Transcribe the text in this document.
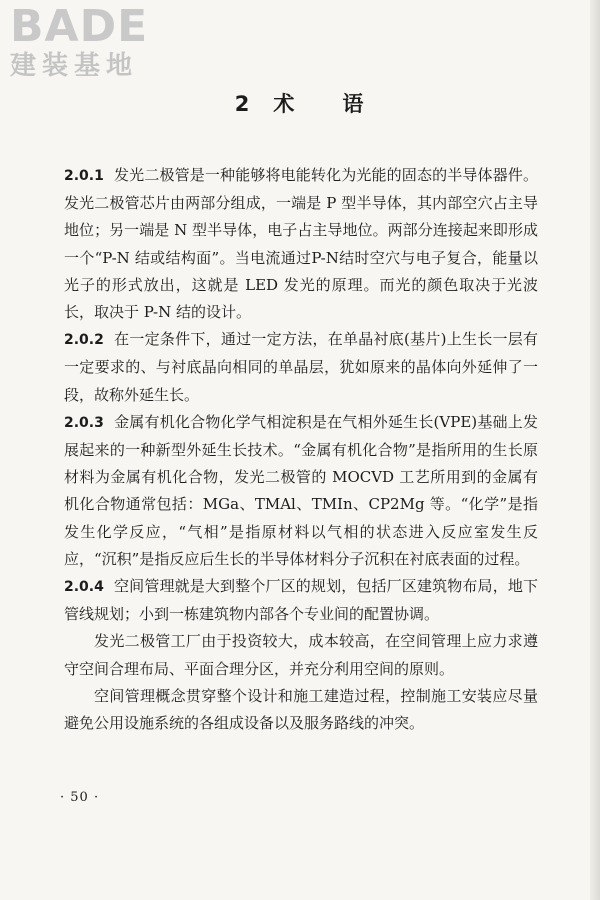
BADE
建装基地
2 术 语

2.0.1 发光二极管是一种能够将电能转化为光能的固态的半导体器件。发光二极管芯片由两部分组成，一端是 P 型半导体，其内部空穴占主导地位；另一端是 N 型半导体，电子占主导地位。两部分连接起来即形成一个“P-N 结或结构面”。当电流通过P-N结时空穴与电子复合，能量以光子的形式放出，这就是 LED 发光的原理。而光的颜色取决于光波长，取决于 P-N 结的设计。

2.0.2 在一定条件下，通过一定方法，在单晶衬底(基片)上生长一层有一定要求的、与衬底晶向相同的单晶层，犹如原来的晶体向外延伸了一段，故称外延生长。

2.0.3 金属有机化合物化学气相淀积是在气相外延生长(VPE)基础上发展起来的一种新型外延生长技术。“金属有机化合物”是指所用的生长原材料为金属有机化合物，发光二极管的 MOCVD 工艺所用到的金属有机化合物通常包括：MGa、TMAl、TMIn、CP2Mg 等。“化学”是指发生化学反应，“气相”是指原材料以气相的状态进入反应室发生反应，“沉积”是指反应后生长的半导体材料分子沉积在衬底表面的过程。

2.0.4 空间管理就是大到整个厂区的规划，包括厂区建筑物布局，地下管线规划；小到一栋建筑物内部各个专业间的配置协调。

发光二极管工厂由于投资较大，成本较高，在空间管理上应力求遵守空间合理布局、平面合理分区，并充分利用空间的原则。

空间管理概念贯穿整个设计和施工建造过程，控制施工安装应尽量避免公用设施系统的各组成设备以及服务路线的冲突。

· 50 ·
